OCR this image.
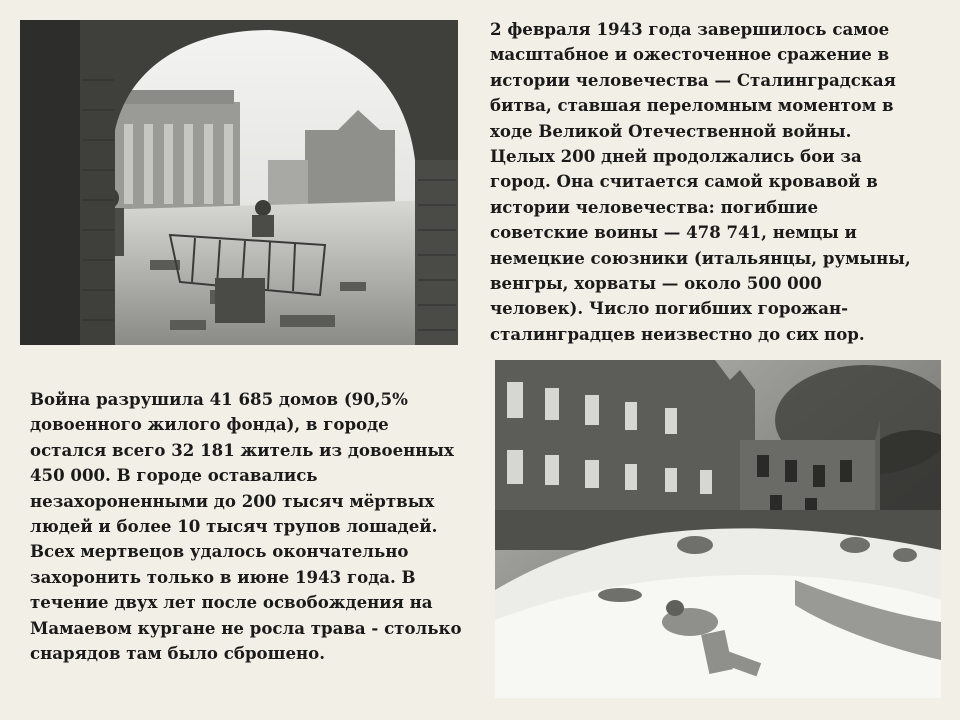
2 февраля 1943 года завершилось самое масштабное и ожесточенное сражение в истории человечества — Сталинградская битва, ставшая переломным моментом в ходе Великой Отечественной войны. Целых 200 дней продолжались бои за город. Она считается самой кровавой в истории человечества: погибшие советские воины — 478 741, немцы и немецкие союзники (итальянцы, румыны, венгры, хорваты — около 500 000 человек). Число погибших горожан-сталинградцев неизвестно до сих пор.

Война разрушила 41 685 домов (90,5% довоенного жилого фонда), в городе остался всего 32 181 житель из довоенных 450 000. В городе оставались незахороненными до 200 тысяч мёртвых людей и более 10 тысяч трупов лошадей. Всех мертвецов удалось окончательно захоронить только в июне 1943 года. В течение двух лет после освобождения на Мамаевом кургане не росла трава - столько снарядов там было сброшено.
